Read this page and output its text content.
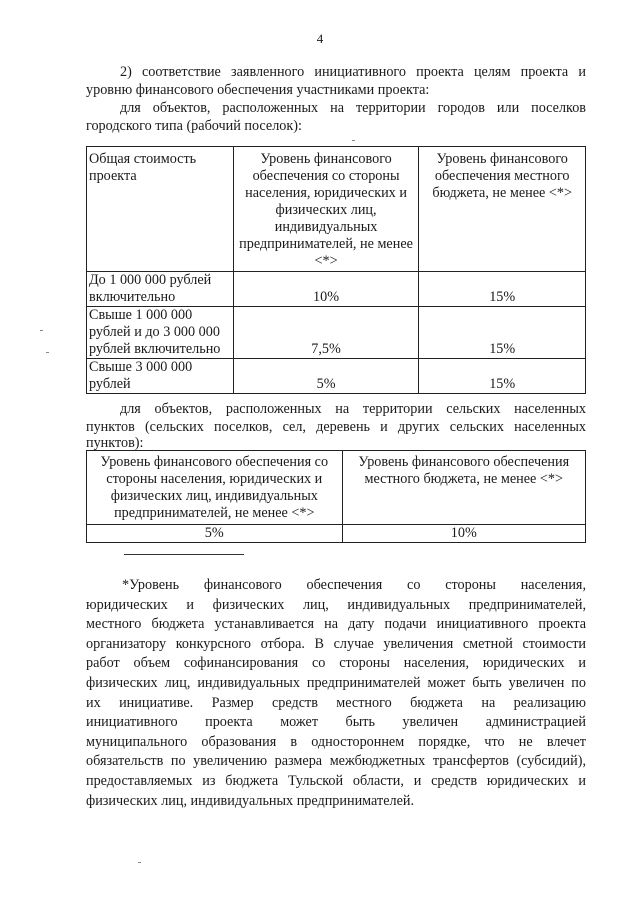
4
2) соответствие заявленного инициативного проекта целям проекта и
уровню финансового обеспечения участниками проекта:
для объектов, расположенных на территории городов или поселков
городского типа (рабочий поселок):
Общая стоимость проекта	Уровень финансового обеспечения со стороны населения, юридических и физических лиц, индивидуальных предпринимателей, не менее <*>	Уровень финансового обеспечения местного бюджета, не менее <*>
До 1 000 000 рублей включительно	10%	15%
Свыше 1 000 000 рублей и до 3 000 000 рублей включительно	7,5%	15%
Свыше 3 000 000 рублей	5%	15%
для объектов, расположенных на территории сельских населенных
пунктов (сельских поселков, сел, деревень и других сельских населенных
пунктов):
Уровень финансового обеспечения со стороны населения, юридических и физических лиц, индивидуальных предпринимателей, не менее <*>	Уровень финансового обеспечения местного бюджета, не менее <*>
5%	10%
*Уровень финансового обеспечения со стороны населения,
юридических и физических лиц, индивидуальных предпринимателей,
местного бюджета устанавливается на дату подачи инициативного проекта
организатору конкурсного отбора. В случае увеличения сметной стоимости
работ объем софинансирования со стороны населения, юридических и
физических лиц, индивидуальных предпринимателей может быть увеличен по
их инициативе. Размер средств местного бюджета на реализацию
инициативного проекта может быть увеличен администрацией
муниципального образования в одностороннем порядке, что не влечет
обязательств по увеличению размера межбюджетных трансфертов (субсидий),
предоставляемых из бюджета Тульской области, и средств юридических и
физических лиц, индивидуальных предпринимателей.
